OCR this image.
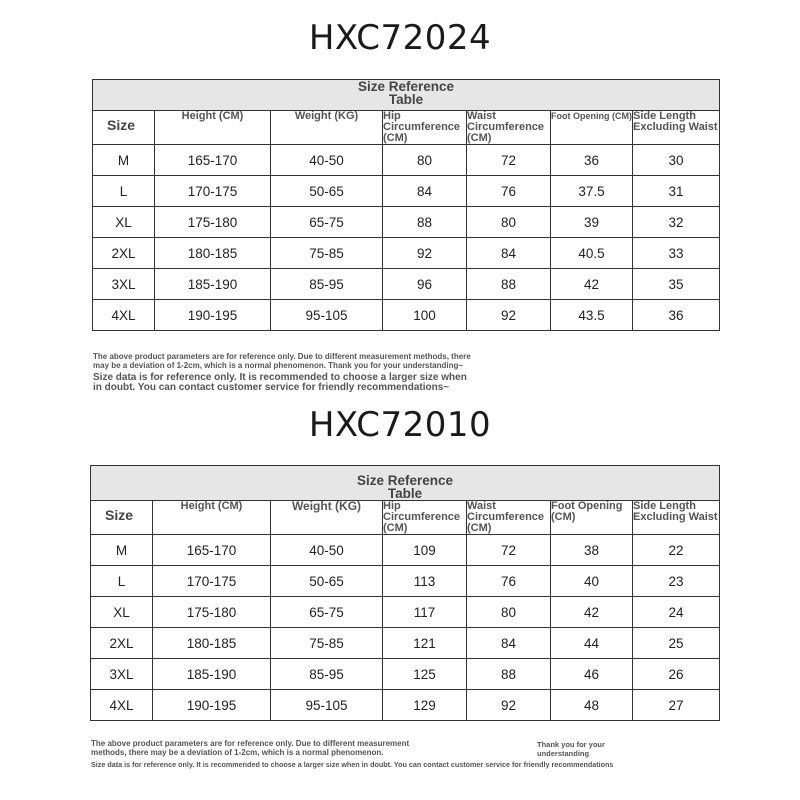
HXC72024
Size Reference
Table						

Size	Height (CM)	Weight (KG)	Hip Circumference (CM)	Waist Circumference (CM)	Foot Opening (CM)	Side Length Excluding Waist
M	165-170	40-50	80	72	36	30
L	170-175	50-65	84	76	37.5	31
XL	175-180	65-75	88	80	39	32
2XL	180-185	75-85	92	84	40.5	33
3XL	185-190	85-95	96	88	42	35
4XL	190-195	95-105	100	92	43.5	36
The above product parameters are for reference only. Due to different measurement methods, there
may be a deviation of 1-2cm, which is a normal phenomenon. Thank you for your understanding~
Size data is for reference only. It is recommended to choose a larger size when
in doubt. You can contact customer service for friendly recommendations~
HXC72010
Size Reference
Table						

Size	Height (CM)	Weight (KG)	Hip Circumference (CM)	Waist Circumference (CM)	Foot Opening (CM)	Side Length Excluding Waist
M	165-170	40-50	109	72	38	22
L	170-175	50-65	113	76	40	23
XL	175-180	65-75	117	80	42	24
2XL	180-185	75-85	121	84	44	25
3XL	185-190	85-95	125	88	46	26
4XL	190-195	95-105	129	92	48	27
The above product parameters are for reference only. Due to different measurement
methods, there may be a deviation of 1-2cm, which is a normal phenomenon.
Thank you for your
understanding
Size data is for reference only. It is recommended to choose a larger size when in doubt. You can contact customer service for friendly recommendations
